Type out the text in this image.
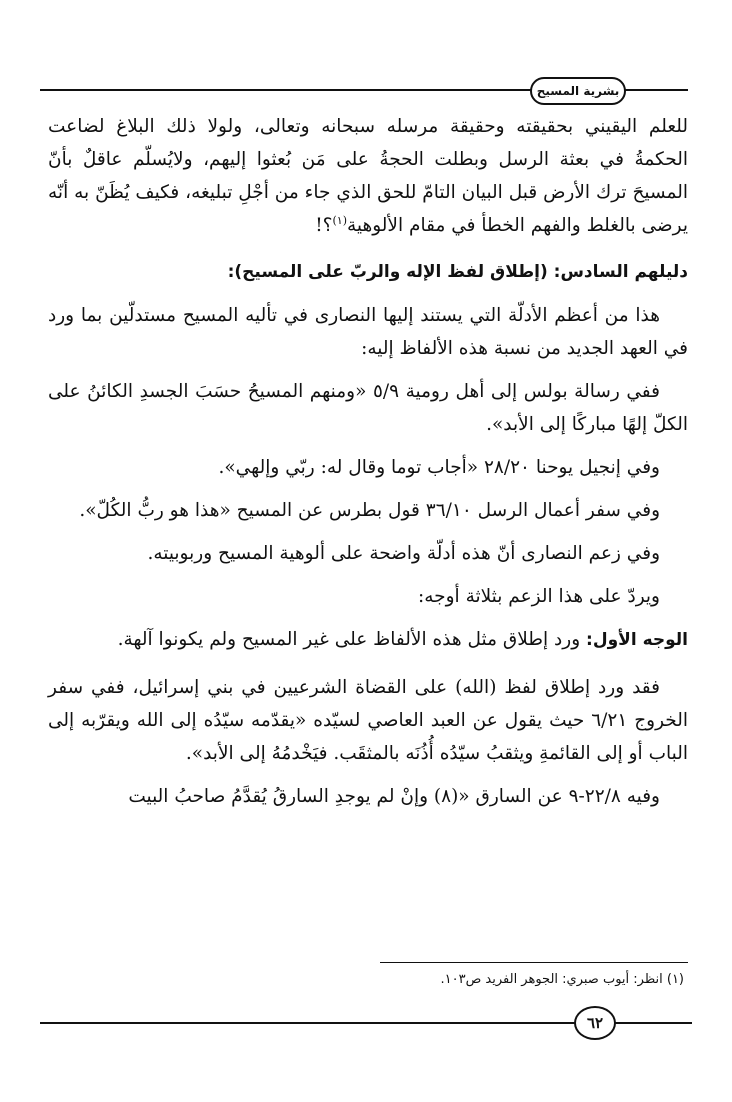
بشرية المسيح

للعلم اليقيني بحقيقته وحقيقة مرسله سبحانه وتعالى، ولولا ذلك البلاغ لضاعت الحكمةُ في بعثة الرسل وبطلت الحجةُ على مَن بُعثوا إليهم، ولايُسلّم عاقلٌ بأنّ المسيحَ ترك الأرض قبل البيان التامّ للحق الذي جاء من أجْلِ تبليغه، فكيف يُظَنّ به أنّه يرضى بالغلط والفهم الخطأ في مقام الألوهية$^{(١)}$؟!

دليلهم السادس: (إطلاق لفظ الإله والربّ على المسيح):

هذا من أعظم الأدلّة التي يستند إليها النصارى في تأليه المسيح مستدلّين بما ورد في العهد الجديد من نسبة هذه الألفاظ إليه:

ففي رسالة بولس إلى أهل رومية ٥/٩ «ومنهم المسيحُ حسَبَ الجسدِ الكائنُ على الكلّ إلهًا مباركًا إلى الأبد».

وفي إنجيل يوحنا ٢٨/٢٠ «أجاب توما وقال له: ربّي وإلهي».

وفي سفر أعمال الرسل ٣٦/١٠ قول بطرس عن المسيح «هذا هو ربُّ الكُلّ».

وفي زعم النصارى أنّ هذه أدلّة واضحة على ألوهية المسيح وربوبيته.

ويردّ على هذا الزعم بثلاثة أوجه:

الوجه الأول: ورد إطلاق مثل هذه الألفاظ على غير المسيح ولم يكونوا آلهة.

فقد ورد إطلاق لفظ (الله) على القضاة الشرعيين في بني إسرائيل، ففي سفر الخروج ٦/٢١ حيث يقول عن العبد العاصي لسيّده «يقدّمه سيّدُه إلى الله ويقرّبه إلى الباب أو إلى القائمةِ ويثقبُ سيّدُه أُذُنَه بالمثقَب. فيَخْدمُهُ إلى الأبد».

وفيه ٢٢/٨-٩ عن السارق «(٨) وإنْ لم يوجدِ السارقُ يُقدَّمُ صاحبُ البيت

(١) انظر: أيوب صبري: الجوهر الفريد ص١٠٣.
٦٢
